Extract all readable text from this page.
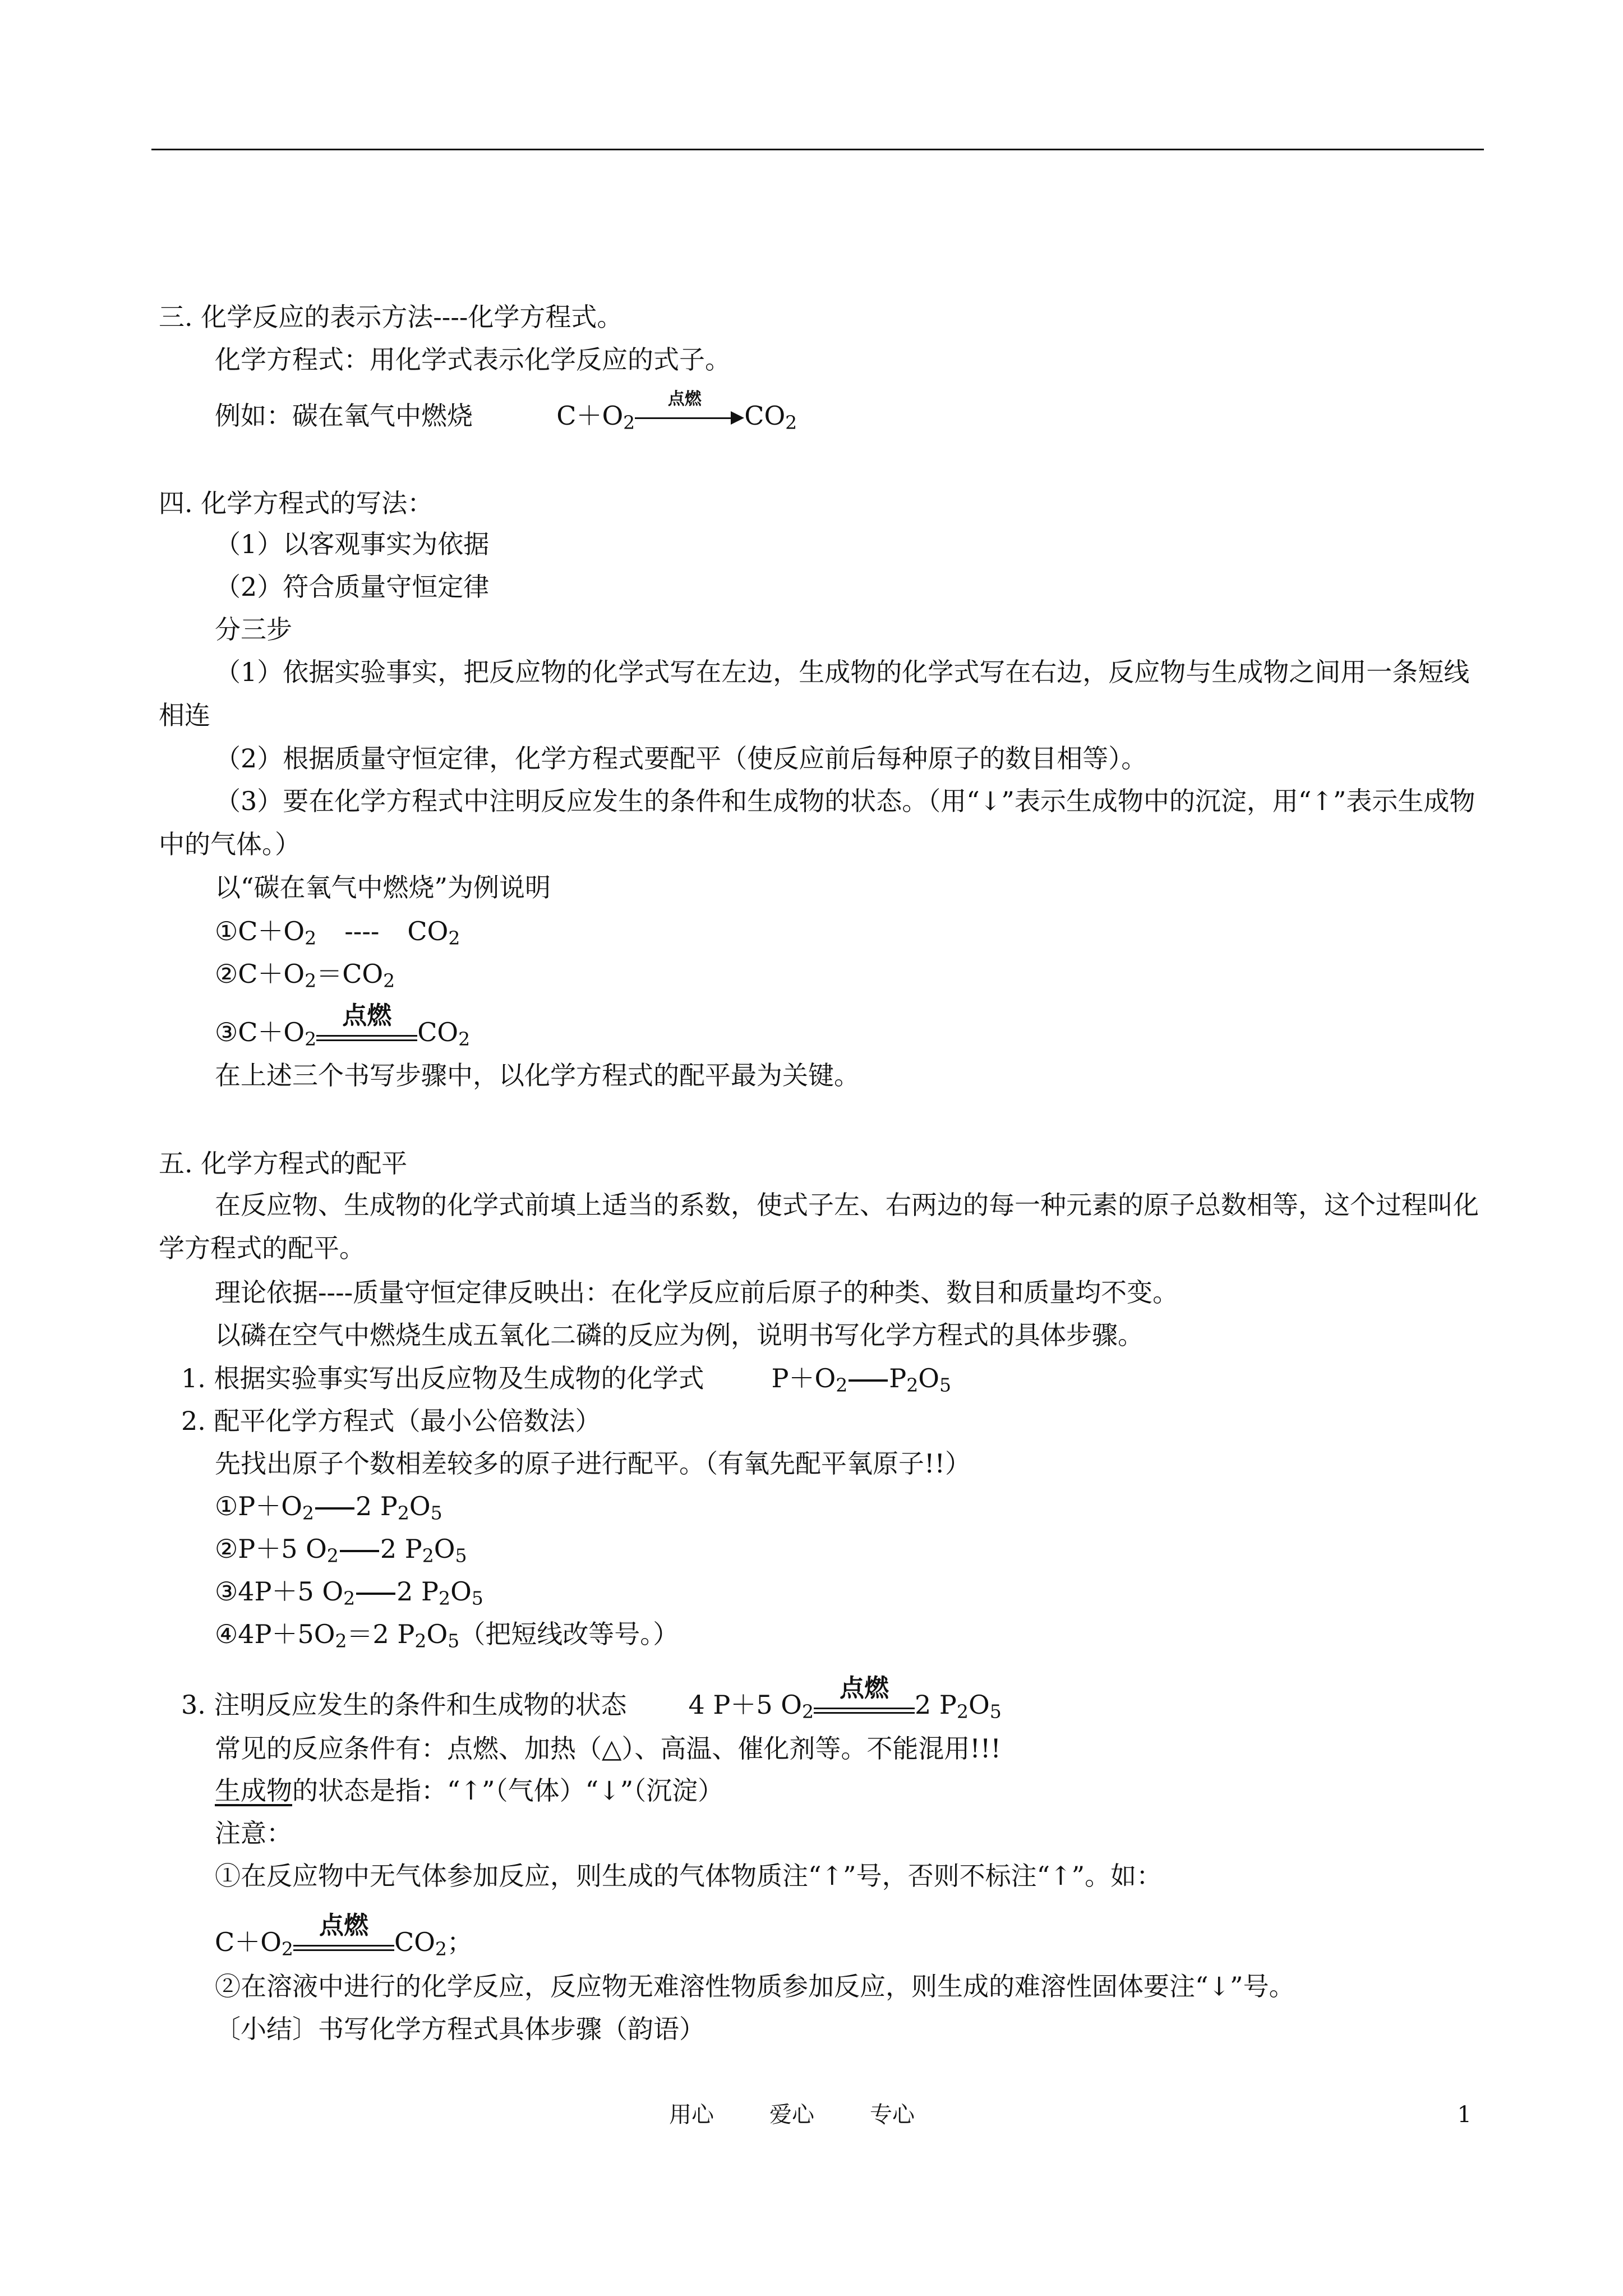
三. 化学反应的表示方法----化学方程式。
化学方程式：用化学式表示化学反应的式子。
例如：碳在氧气中燃烧	$C+O_2$
点燃
$CO_2$
四. 化学方程式的写法：
（1）以客观事实为依据
（2）符合质量守恒定律
分三步
（1）依据实验事实，把反应物的化学式写在左边，生成物的化学式写在右边，反应物与生成物之间用一条短线相连
（2）根据质量守恒定律，化学方程式要配平（使反应前后每种原子的数目相等）。
（3）要在化学方程式中注明反应发生的条件和生成物的状态。（用“↓”表示生成物中的沉淀，用“↑”表示生成物中的气体。）
以“碳在氧气中燃烧”为例说明
$①C+O_2$ ---- $CO_2$
$②C+O_2=CO_2$
$③C+O_2$
点燃
$CO_2$
在上述三个书写步骤中，以化学方程式的配平最为关键。
五. 化学方程式的配平
在反应物、生成物的化学式前填上适当的系数，使式子左、右两边的每一种元素的原子总数相等，这个过程叫化学方程式的配平。
理论依据----质量守恒定律反映出：在化学反应前后原子的种类、数目和质量均不变。
以磷在空气中燃烧生成五氧化二磷的反应为例，说明书写化学方程式的具体步骤。
1. 根据实验事实写出反应物及生成物的化学式	$P+O_2$ $P_2O_5$
2. 配平化学方程式（最小公倍数法）
先找出原子个数相差较多的原子进行配平。（有氧先配平氧原子!!）
$①P+O_2$ 2 $P_2O_5$
②P＋5 $O_2$ 2 $P_2O_5$
③4P＋5 $O_2$ 2 $P_2O_5$
$④4P+5O_2=2$ $P_2O_5$（把短线改等号。）
3. 注明反应发生的条件和生成物的状态 4 P＋5 $O_2$
点燃
2 $P_2O_5$
常见的反应条件有：点燃、加热（△）、高温、催化剂等。不能混用!!!
生成物的状态是指：“↑”（气体）“↓”（沉淀）
注意：
①在反应物中无气体参加反应，则生成的气体物质注“↑”号，否则不标注“↑”。如：
$C+O_2$
点燃
$CO_2$；
②在溶液中进行的化学反应，反应物无难溶性物质参加反应，则生成的难溶性固体要注“↓”号。
〔小结〕书写化学方程式具体步骤（韵语）
用心 爱心 专心	1
